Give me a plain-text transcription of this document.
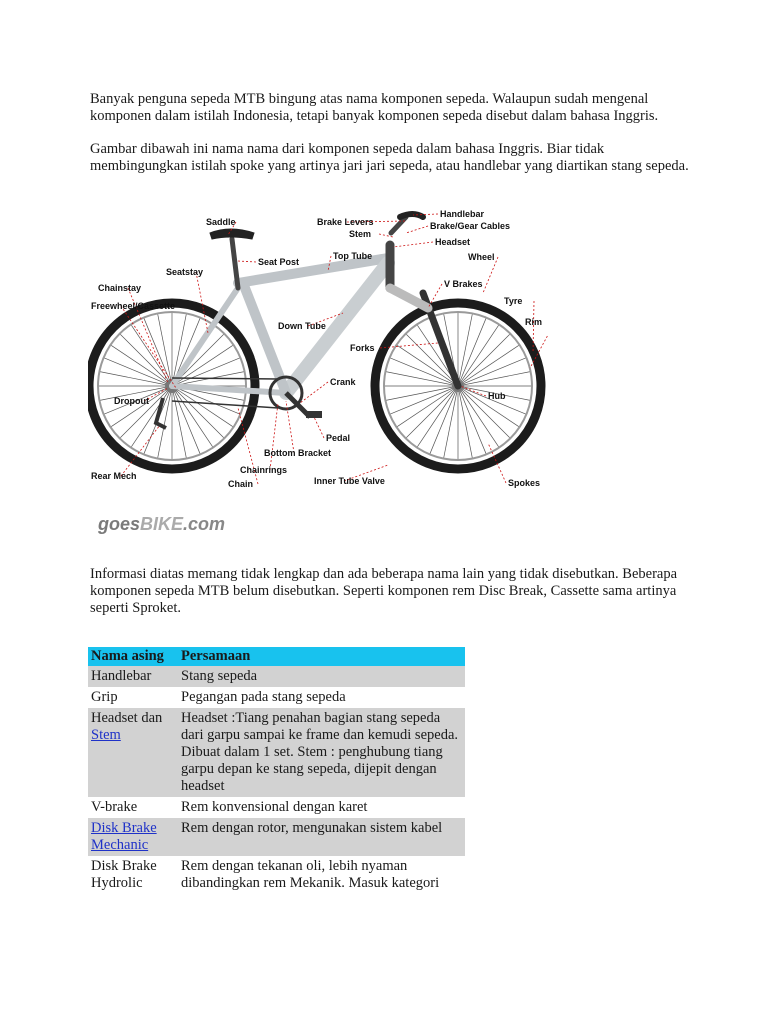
Banyak penguna sepeda MTB bingung atas nama komponen sepeda. Walaupun sudah mengenal komponen dalam istilah Indonesia, tetapi banyak komponen sepeda disebut dalam bahasa Inggris.

Gambar dibawah ini nama nama dari komponen sepeda dalam bahasa Inggris. Biar tidak membingungkan istilah spoke yang artinya jari jari sepeda, atau handlebar yang diartikan stang sepeda.

Saddle
Seat Post
Seatstay
Chainstay
Freewheel/Cassette
Dropout
Rear Mech
Chainrings
Chain
Bottom Bracket
Pedal
Crank
Down Tube
Top Tube
Forks
Brake Levers
Stem
Handlebar
Brake/Gear Cables
Headset
Wheel
V Brakes
Tyre
Rim
Hub
Spokes
Inner Tube Valve
goesBIKE.com

Informasi diatas memang tidak lengkap dan ada beberapa nama lain yang tidak disebutkan. Beberapa komponen sepeda MTB belum disebutkan. Seperti komponen rem Disc Break, Cassette sama artinya seperti Sproket.

Nama asing	Persamaan
Handlebar	Stang sepeda
Grip	Pegangan pada stang sepeda
Headset dan
Stem	Headset :Tiang penahan bagian stang sepeda dari garpu sampai ke frame dan kemudi sepeda. Dibuat dalam 1 set. Stem : penghubung tiang garpu depan ke stang sepeda, dijepit dengan headset
V-brake	Rem konvensional dengan karet
Disk Brake Mechanic	Rem dengan rotor, mengunakan sistem kabel
Disk Brake Hydrolic	Rem dengan tekanan oli, lebih nyaman dibandingkan rem Mekanik. Masuk kategori
